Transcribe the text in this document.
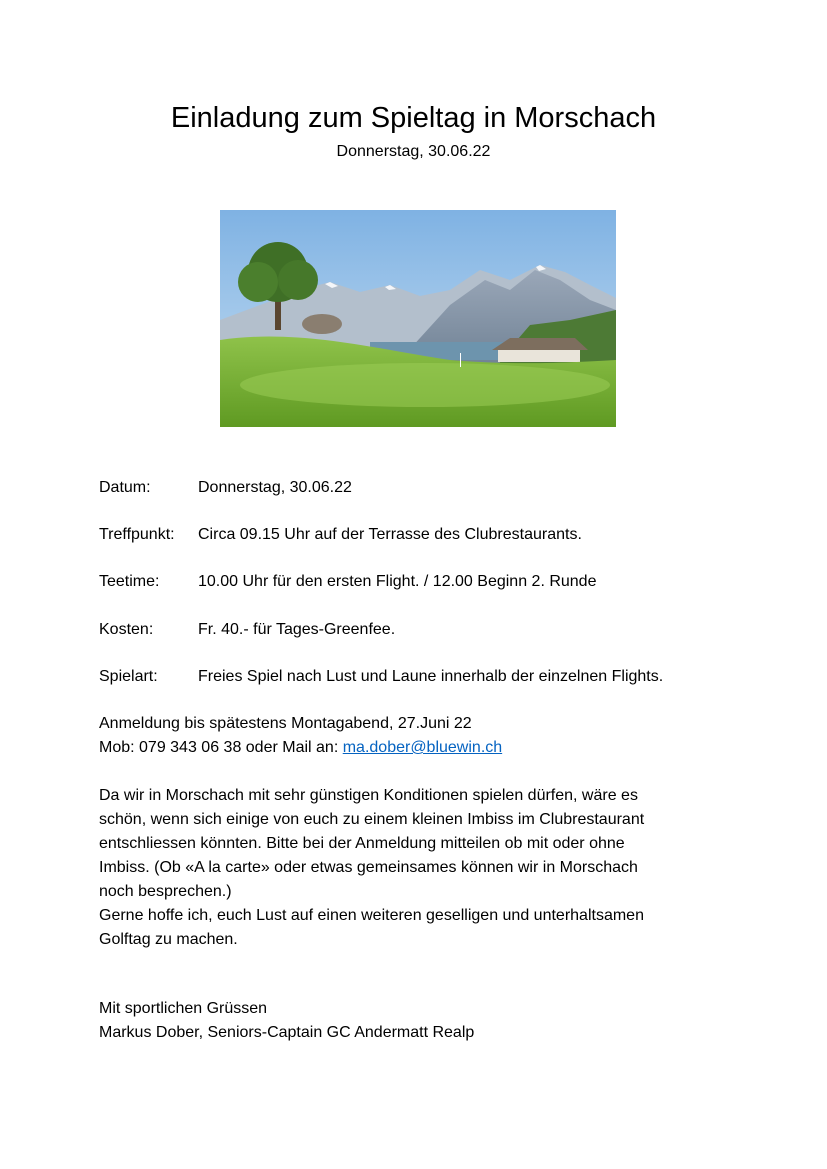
Einladung zum Spieltag in Morschach
Donnerstag, 30.06.22
Datum:	Donnerstag, 30.06.22
Treffpunkt: Circa 09.15 Uhr auf der Terrasse des Clubrestaurants.
Teetime: 10.00 Uhr für den ersten Flight. / 12.00 Beginn 2. Runde
Kosten:	Fr. 40.- für Tages-Greenfee.
Spielart:	Freies Spiel nach Lust und Laune innerhalb der einzelnen Flights.
Anmeldung bis spätestens Montagabend, 27.Juni 22
Mob: 079 343 06 38 oder Mail an: ma.dober@bluewin.ch
Da wir in Morschach mit sehr günstigen Konditionen spielen dürfen, wäre es
schön, wenn sich einige von euch zu einem kleinen Imbiss im Clubrestaurant
entschliessen könnten. Bitte bei der Anmeldung mitteilen ob mit oder ohne
Imbiss. (Ob «A la carte» oder etwas gemeinsames können wir in Morschach
noch besprechen.)
Gerne hoffe ich, euch Lust auf einen weiteren geselligen und unterhaltsamen
Golftag zu machen.
Mit sportlichen Grüssen
Markus Dober, Seniors-Captain GC Andermatt Realp
